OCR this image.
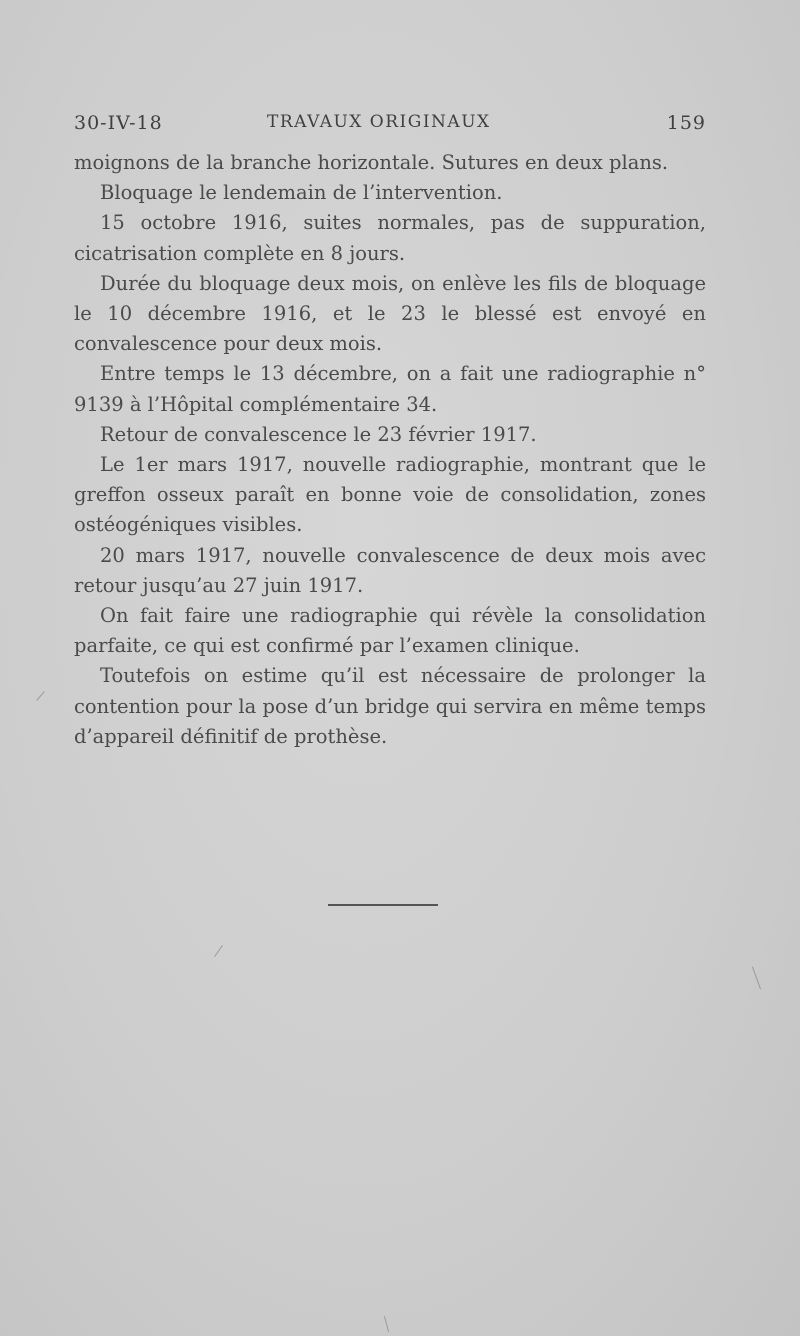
30-IV-18	TRAVAUX ORIGINAUX	159

moignons de la branche horizontale. Sutures en deux plans.

Bloquage le lendemain de l’intervention.

15 octobre 1916, suites normales, pas de suppuration, cicatrisation complète en 8 jours.

Durée du bloquage deux mois, on enlève les fils de bloquage le 10 décembre 1916, et le 23 le blessé est envoyé en convalescence pour deux mois.

Entre temps le 13 décembre, on a fait une radiographie n° 9139 à l’Hôpital complémentaire 34.

Retour de convalescence le 23 février 1917.

Le 1er mars 1917, nouvelle radiographie, montrant que le greffon osseux paraît en bonne voie de consolidation, zones ostéogéniques visibles.

20 mars 1917, nouvelle convalescence de deux mois avec retour jusqu’au 27 juin 1917.

On fait faire une radiographie qui révèle la consolidation parfaite, ce qui est confirmé par l’examen clinique.

Toutefois on estime qu’il est nécessaire de prolonger la contention pour la pose d’un bridge qui servira en même temps d’appareil définitif de prothèse.
